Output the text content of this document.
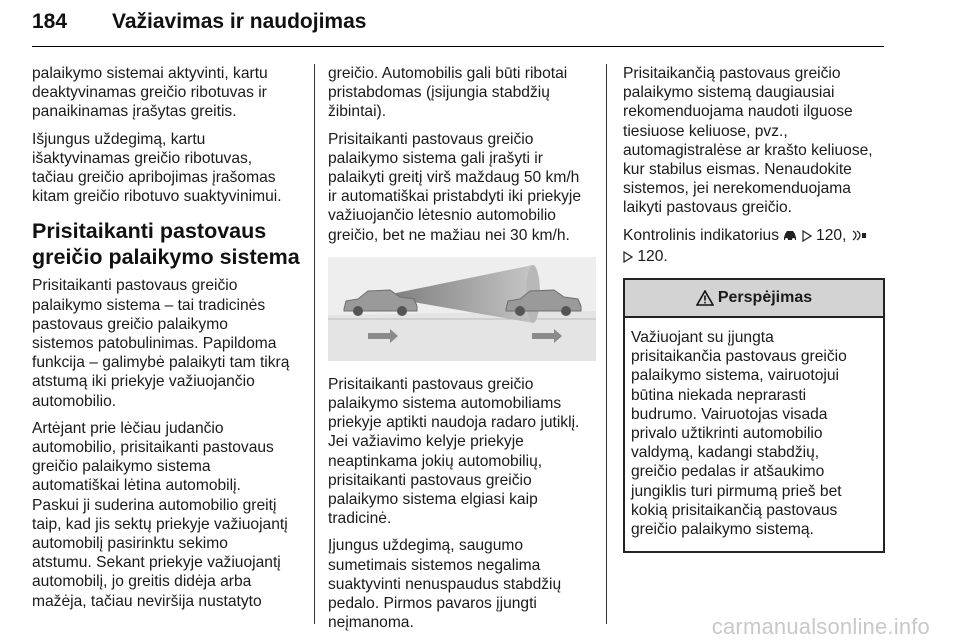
184 Važiavimas ir naudojimas

palaikymo sistemai aktyvinti, kartu
deaktyvinamas greičio ribotuvas ir
panaikinamas įrašytas greitis.

Išjungus uždegimą, kartu
išaktyvinamas greičio ribotuvas,
tačiau greičio apribojimas įrašomas
kitam greičio ribotuvo suaktyvinimui.

Prisitaikanti pastovaus
greičio palaikymo sistema

Prisitaikanti pastovaus greičio
palaikymo sistema – tai tradicinės
pastovaus greičio palaikymo
sistemos patobulinimas. Papildoma
funkcija – galimybė palaikyti tam tikrą
atstumą iki priekyje važiuojančio
automobilio.

Artėjant prie lėčiau judančio
automobilio, prisitaikanti pastovaus
greičio palaikymo sistema
automatiškai lėtina automobilį.
Paskui ji suderina automobilio greitį
taip, kad jis sektų priekyje važiuojantį
automobilį pasirinktu sekimo
atstumu. Sekant priekyje važiuojantį
automobilį, jo greitis didėja arba
mažėja, tačiau neviršija nustatyto

greičio. Automobilis gali būti ribotai
pristabdomas (įsijungia stabdžių
žibintai).

Prisitaikanti pastovaus greičio
palaikymo sistema gali įrašyti ir
palaikyti greitį virš maždaug 50 km/h
ir automatiškai pristabdyti iki priekyje
važiuojančio lėtesnio automobilio
greičio, bet ne mažiau nei 30 km/h.

Prisitaikanti pastovaus greičio
palaikymo sistema automobiliams
priekyje aptikti naudoja radaro jutiklį.
Jei važiavimo kelyje priekyje
neaptinkama jokių automobilių,
prisitaikanti pastovaus greičio
palaikymo sistema elgiasi kaip
tradicinė.

Įjungus uždegimą, saugumo
sumetimais sistemos negalima
suaktyvinti nenuspaudus stabdžių
pedalo. Pirmos pavaros įjungti
neįmanoma.

Prisitaikančią pastovaus greičio
palaikymo sistemą daugiausiai
rekomenduojama naudoti ilguose
tiesiuose keliuose, pvz.,
automagistralėse ar krašto keliuose,
kur stabilus eismas. Nenaudokite
sistemos, jei nerekomenduojama
laikyti pastovaus greičio.

Kontrolinis indikatorius 120,
120.

Perspėjimas
Važiuojant su įjungta
prisitaikančia pastovaus greičio
palaikymo sistema, vairuotojui
būtina niekada neprarasti
budrumo. Vairuotojas visada
privalo užtikrinti automobilio
valdymą, kadangi stabdžių,
greičio pedalas ir atšaukimo
jungiklis turi pirmumą prieš bet
kokią prisitaikančią pastovaus
greičio palaikymo sistemą.
carmanualsonline.info
